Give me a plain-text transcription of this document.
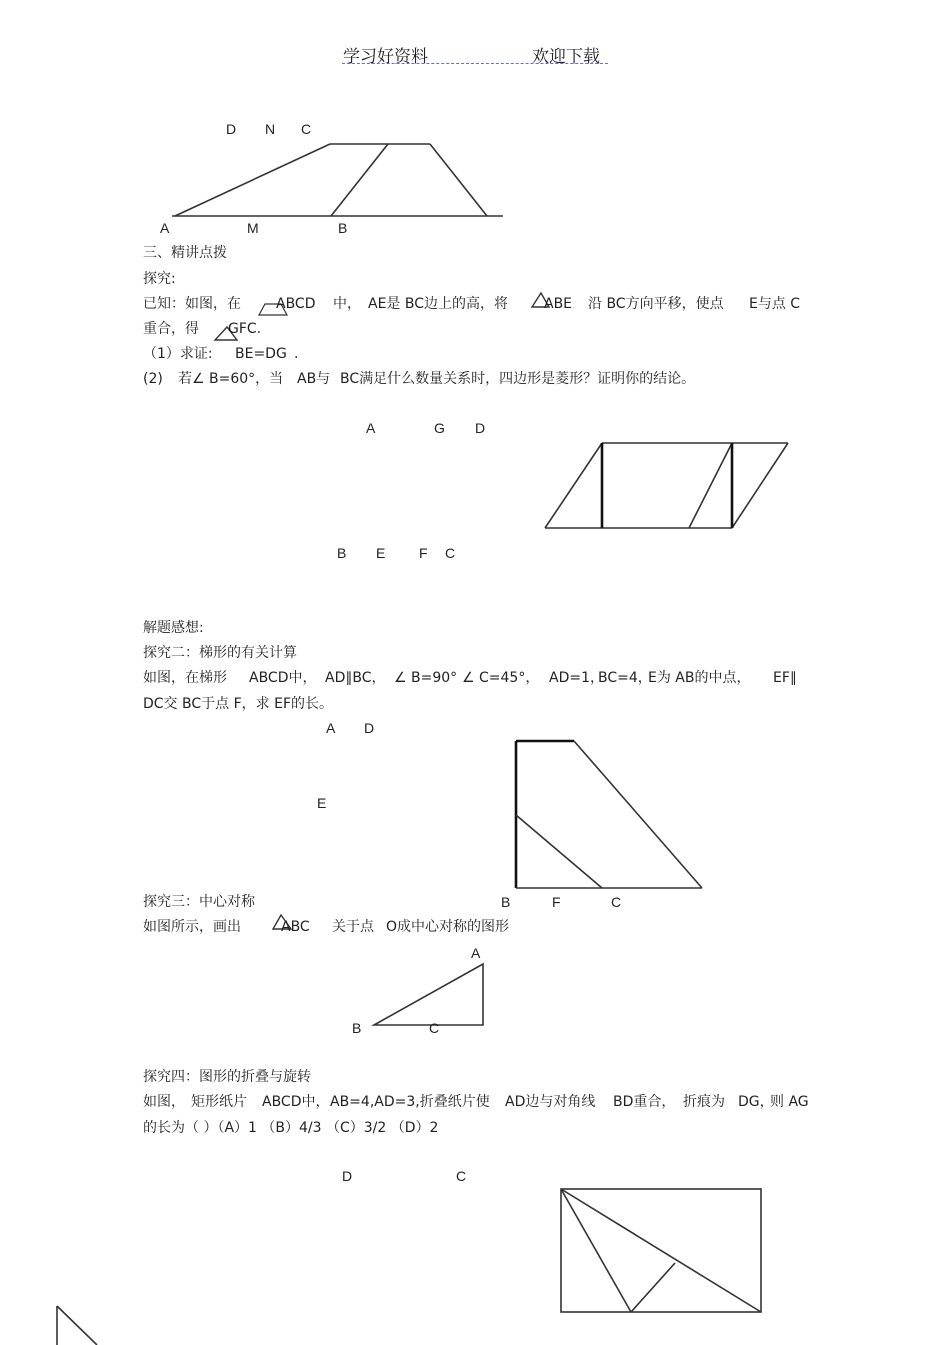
学习好资料	欢迎下载
D N C
A	M	B
三、精讲点拨
探究:
已知：如图，在	ABCD 中， AE是 BC边上的高，将	ABE 沿 BC方向平移，使点 E与点 C
重合，得 GFC.
（1）求证: BE=DG .
(2) 若∠ B=60°，当 AB与 BC满足什么数量关系时，四边形是菱形？证明你的结论。
A	G D
B E F C
解题感想:
探究二：梯形的有关计算
如图，在梯形 ABCD中， AD∥BC， ∠ B=90° ∠ C=45°， AD=1，
BC=4，
E为 AB的中点， EF∥
DC交 BC于点 F，求 EF的长。
A D
E
B	F	C
探究三：中心对称
如图所示，画出	ABC 关于点 O成中心对称的图形
A
B	C
探究四：图形的折叠与旋转
如图， 矩形纸片 ABCD中， AB=4,AD=3,折叠纸片使 AD边与对角线 BD重合， 折痕为 DG，
则 AG
的长为（ ）（A）1 （B）4/3 （C）3/2 （D）2
D	C
